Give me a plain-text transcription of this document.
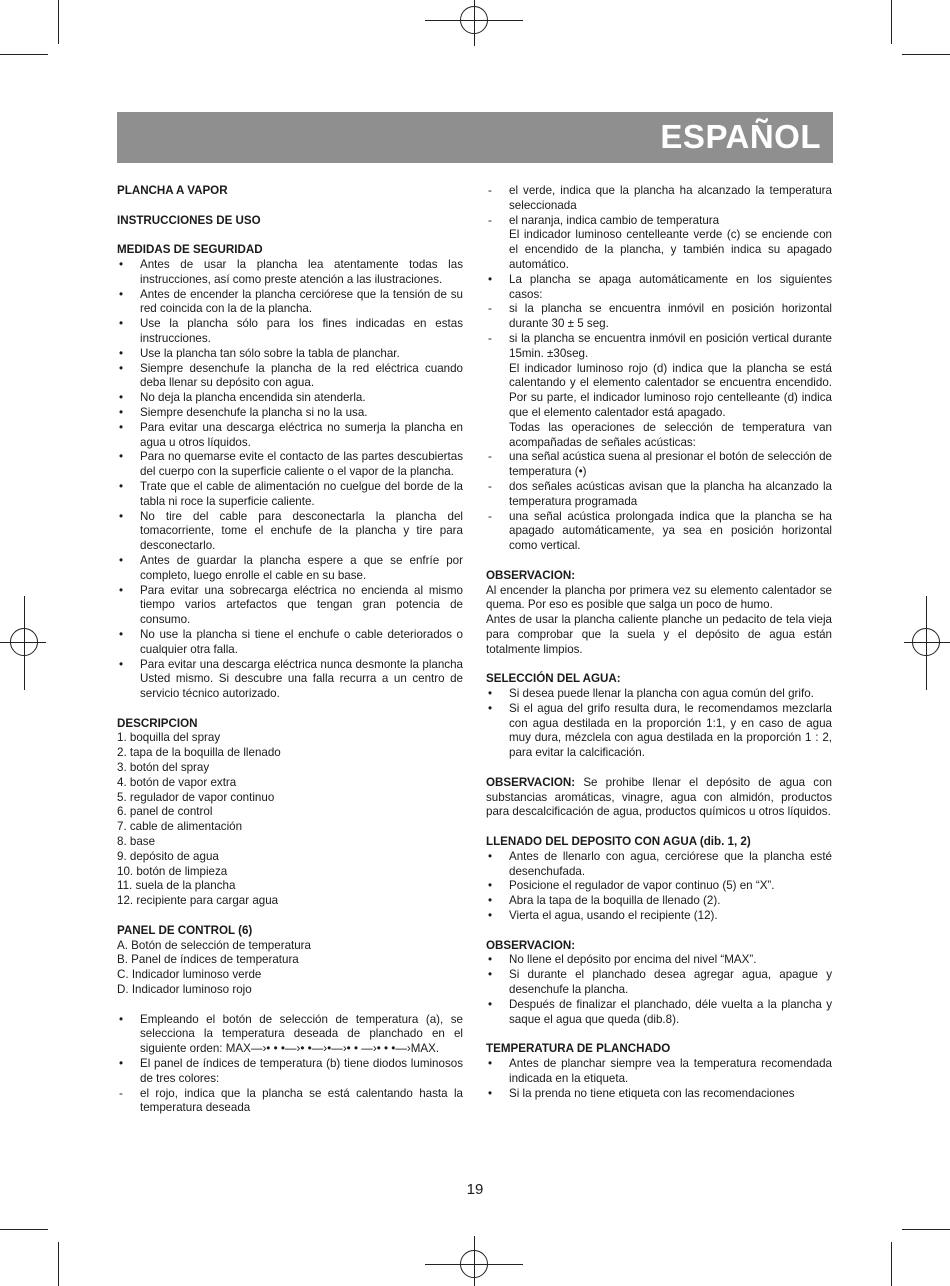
ESPAÑOL
PLANCHA A VAPOR
INSTRUCCIONES DE USO
MEDIDAS DE SEGURIDAD
• Antes de usar la plancha lea atentamente todas las instrucciones, así como preste atención a las ilustraciones.
• Antes de encender la plancha cerciórese que la tensión de su red coincida con la de la plancha.
• Use la plancha sólo para los fines indicadas en estas instrucciones.
• Use la plancha tan sólo sobre la tabla de planchar.
• Siempre desenchufe la plancha de la red eléctrica cuando deba llenar su depósito con agua.
• No deja la plancha encendida sin atenderla.
• Siempre desenchufe la plancha si no la usa.
• Para evitar una descarga eléctrica no sumerja la plancha en agua u otros líquidos.
• Para no quemarse evite el contacto de las partes descubiertas del cuerpo con la superficie caliente o el vapor de la plancha.
• Trate que el cable de alimentación no cuelgue del borde de la tabla ni roce la superficie caliente.
• No tire del cable para desconectarla la plancha del tomacorriente, tome el enchufe de la plancha y tire para desconectarlo.
• Antes de guardar la plancha espere a que se enfríe por completo, luego enrolle el cable en su base.
• Para evitar una sobrecarga eléctrica no encienda al mismo tiempo varios artefactos que tengan gran potencia de consumo.
• No use la plancha si tiene el enchufe o cable deteriorados o cualquier otra falla.
• Para evitar una descarga eléctrica nunca desmonte la plancha Usted mismo. Si descubre una falla recurra a un centro de servicio técnico autorizado.
DESCRIPCION
1. boquilla del spray
2. tapa de la boquilla de llenado
3. botón del spray
4. botón de vapor extra
5. regulador de vapor continuo
6. panel de control
7. cable de alimentación
8. base
9. depósito de agua
10. botón de limpieza
11. suela de la plancha
12. recipiente para cargar agua
PANEL DE CONTROL (6)
A. Botón de selección de temperatura
B. Panel de índices de temperatura
C. Indicador luminoso verde
D. Indicador luminoso rojo
• Empleando el botón de selección de temperatura (a), se selecciona la temperatura deseada de planchado en el siguiente orden: MAX—›• • •—›• •—›•—›• • —›• • •—›MAX.
• El panel de índices de temperatura (b) tiene diodos luminosos de tres colores:
- el rojo, indica que la plancha se está calentando hasta la temperatura deseada
- el verde, indica que la plancha ha alcanzado la temperatura seleccionada
- el naranja, indica cambio de temperatura
El indicador luminoso centelleante verde (c) se enciende con el encendido de la plancha, y también indica su apagado automático.
• La plancha se apaga automáticamente en los siguientes casos:
- si la plancha se encuentra inmóvil en posición horizontal durante 30 ± 5 seg.
- si la plancha se encuentra inmóvil en posición vertical durante 15min. ±30seg.
El indicador luminoso rojo (d) indica que la plancha se está calentando y el elemento calentador se encuentra encendido. Por su parte, el indicador luminoso rojo centelleante (d) indica que el elemento calentador está apagado.
Todas las operaciones de selección de temperatura van acompañadas de señales acústicas:
- una señal acústica suena al presionar el botón de selección de temperatura (•)
- dos señales acústicas avisan que la plancha ha alcanzado la temperatura programada
- una señal acústica prolongada indica que la plancha se ha apagado automáticamente, ya sea en posición horizontal como vertical.
OBSERVACION:
Al encender la plancha por primera vez su elemento calentador se quema. Por eso es posible que salga un poco de humo.
Antes de usar la plancha caliente planche un pedacito de tela vieja para comprobar que la suela y el depósito de agua están totalmente limpios.
SELECCIÓN DEL AGUA:
• Si desea puede llenar la plancha con agua común del grifo.
• Si el agua del grifo resulta dura, le recomendamos mezclarla con agua destilada en la proporción 1:1, y en caso de agua muy dura, mézclela con agua destilada en la proporción 1 : 2, para evitar la calcificación.
OBSERVACION: Se prohibe llenar el depósito de agua con substancias aromáticas, vinagre, agua con almidón, productos para descalcificación de agua, productos químicos u otros líquidos.
LLENADO DEL DEPOSITO CON AGUA (dib. 1, 2)
• Antes de llenarlo con agua, cerciórese que la plancha esté desenchufada.
• Posicione el regulador de vapor continuo (5) en “X”.
• Abra la tapa de la boquilla de llenado (2).
• Vierta el agua, usando el recipiente (12).
OBSERVACION:
• No llene el depósito por encima del nivel “MAX”.
• Si durante el planchado desea agregar agua, apague y desenchufe la plancha.
• Después de finalizar el planchado, déle vuelta a la plancha y saque el agua que queda (dib.8).
TEMPERATURA DE PLANCHADO
• Antes de planchar siempre vea la temperatura recomendada indicada en la etiqueta.
• Si la prenda no tiene etiqueta con las recomendaciones
19
